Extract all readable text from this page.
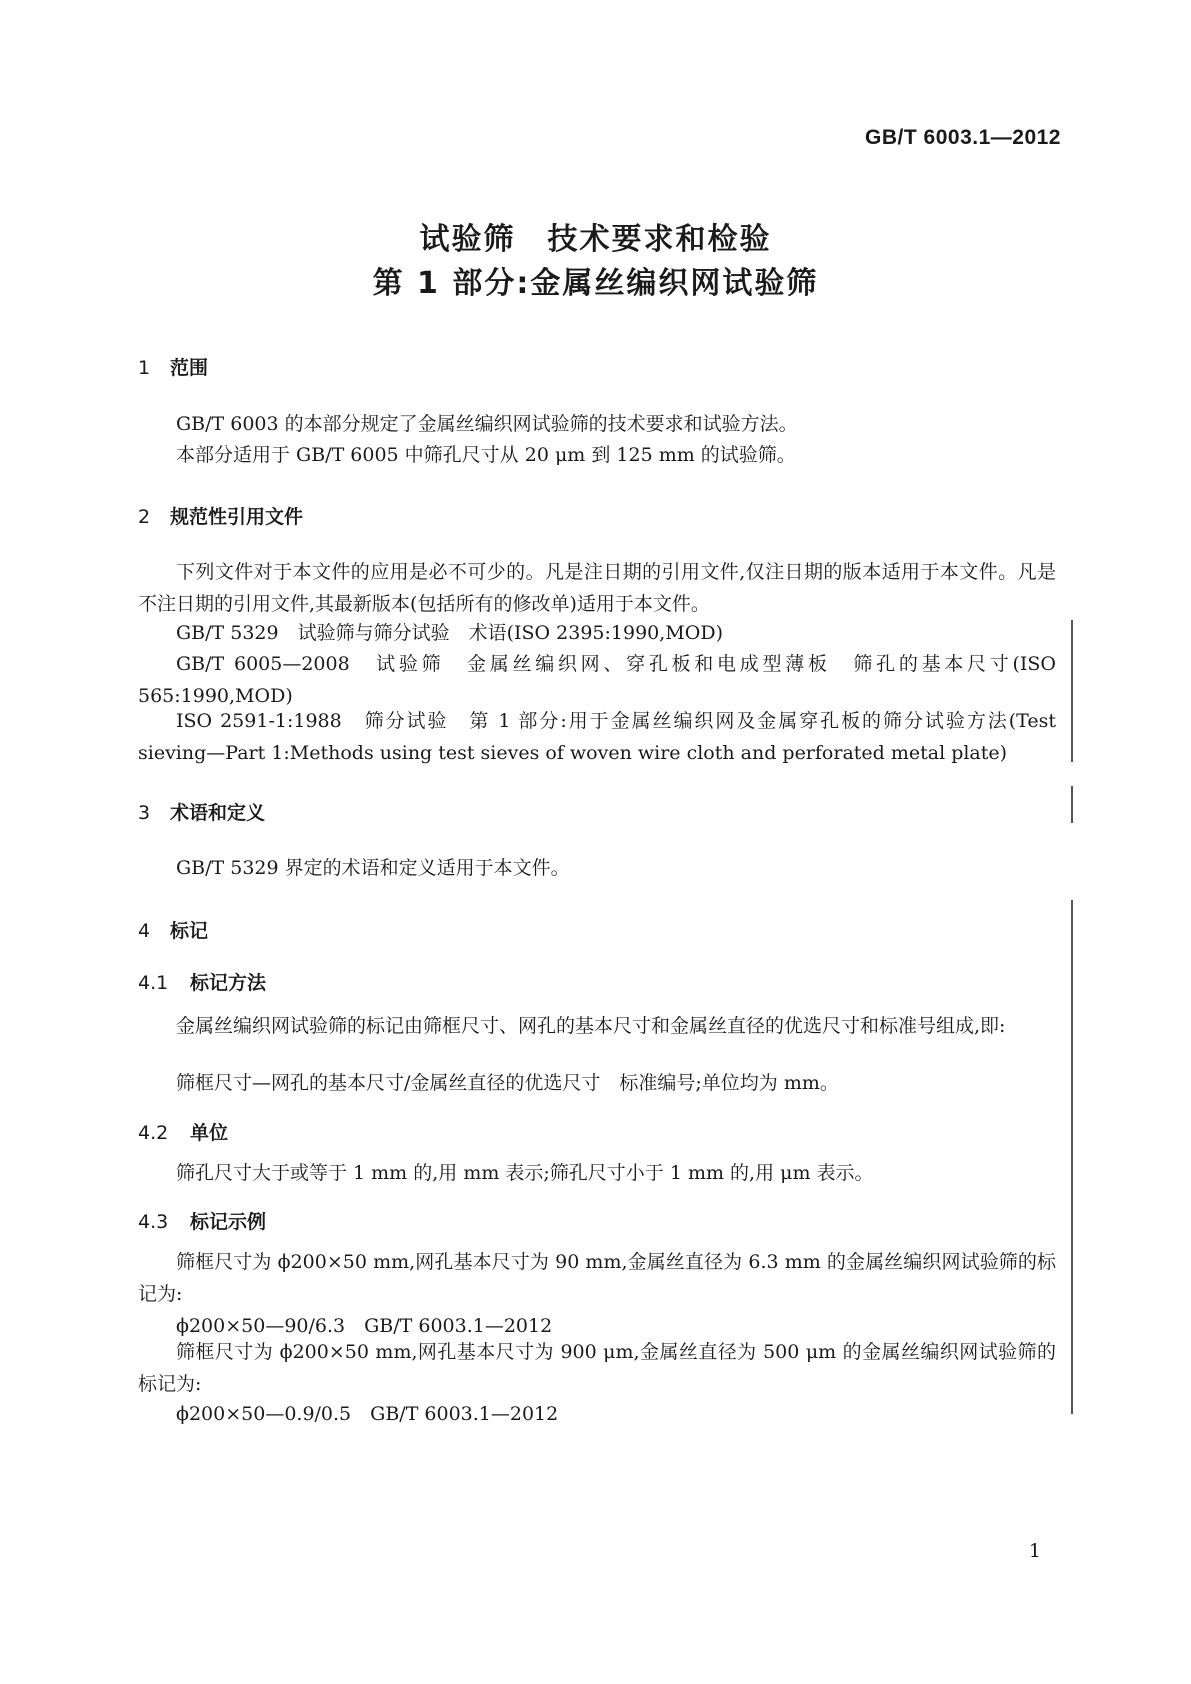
GB/T 6003.1—2012
试验筛　技术要求和检验
第 1 部分:金属丝编织网试验筛
1 范围
GB/T 6003 的本部分规定了金属丝编织网试验筛的技术要求和试验方法。
本部分适用于 GB/T 6005 中筛孔尺寸从 20 μm 到 125 mm 的试验筛。
2 规范性引用文件
下列文件对于本文件的应用是必不可少的。凡是注日期的引用文件,仅注日期的版本适用于本文件。凡是不注日期的引用文件,其最新版本(包括所有的修改单)适用于本文件。
GB/T 5329　试验筛与筛分试验　术语(ISO 2395:1990,MOD)
GB/T 6005—2008　试验筛　金属丝编织网、穿孔板和电成型薄板　筛孔的基本尺寸(ISO 565:1990,MOD)
ISO 2591-1:1988　筛分试验　第 1 部分:用于金属丝编织网及金属穿孔板的筛分试验方法(Test sieving—Part 1:Methods using test sieves of woven wire cloth and perforated metal plate)
3 术语和定义
GB/T 5329 界定的术语和定义适用于本文件。
4 标记
4.1 标记方法
金属丝编织网试验筛的标记由筛框尺寸、网孔的基本尺寸和金属丝直径的优选尺寸和标准号组成,即:
筛框尺寸—网孔的基本尺寸/金属丝直径的优选尺寸　标准编号;单位均为 mm。
4.2 单位
筛孔尺寸大于或等于 1 mm 的,用 mm 表示;筛孔尺寸小于 1 mm 的,用 μm 表示。
4.3 标记示例
筛框尺寸为 ϕ200×50 mm,网孔基本尺寸为 90 mm,金属丝直径为 6.3 mm 的金属丝编织网试验筛的标记为:
ϕ200×50—90/6.3　GB/T 6003.1—2012
筛框尺寸为 ϕ200×50 mm,网孔基本尺寸为 900 μm,金属丝直径为 500 μm 的金属丝编织网试验筛的标记为:
ϕ200×50—0.9/0.5　GB/T 6003.1—2012
1
